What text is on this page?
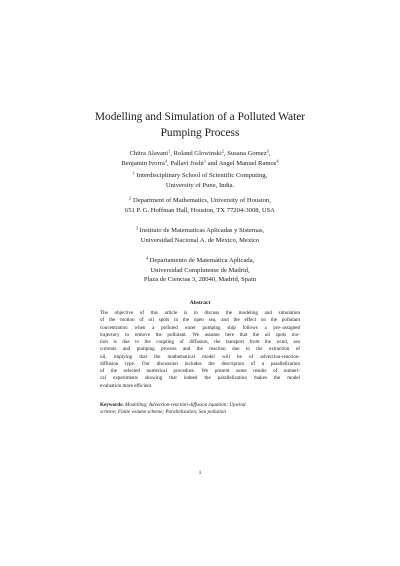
Modelling and Simulation of a Polluted Water
Pumping Process
Chitra Alavani$^1$, Roland Glowinski$^2$, Susana Gomez$^3$,
Benjamin Ivorra$^4$, Pallavi Joshi$^1$ and Angel Manuel Ramos$^4$
$^1$ Interdisciplinary School of Scientific Computing,
University of Pune, India.
$^2$ Department of Mathematics, University of Houston,
651 P. G. Hoffman Hall, Houston, TX 77204-3008, USA
$^3$ Instituto de Matematicas Aplicadas y Sistemas,
Universidad Nacional A. de Mexico, Mexico
$^4$ Departamento de Matemática Aplicada,
Universidad Complutense de Madrid,
Plaza de Ciencias 3, 28040, Madrid, Spain
Abstract
The objective of this article is to discuss the modeling and simulation
of the motion of oil spots in the open sea, and the effect on the pollutant
concentration when a polluted water pumping ship follows a pre–assigned
trajectory to remove the pollutant. We assume here that the oil spots mo-
tion is due to the coupling of diffusion, the transport from the wind, sea
currents and pumping process and the reaction due to the extraction of
oil, implying that the mathematical model will be of advection-reaction-
diffusion type. Our discussion includes the description of a parallelization
of the selected numerical procedure. We present some results of numeri-
cal experiments showing that indeed the parallelization makes the model
evaluation more efficient.
Keywords: Modelling; Advection-reaction-diffusion equation; Upwind
scheme; Finite volume scheme; Parallelization; Sea pollution
1
